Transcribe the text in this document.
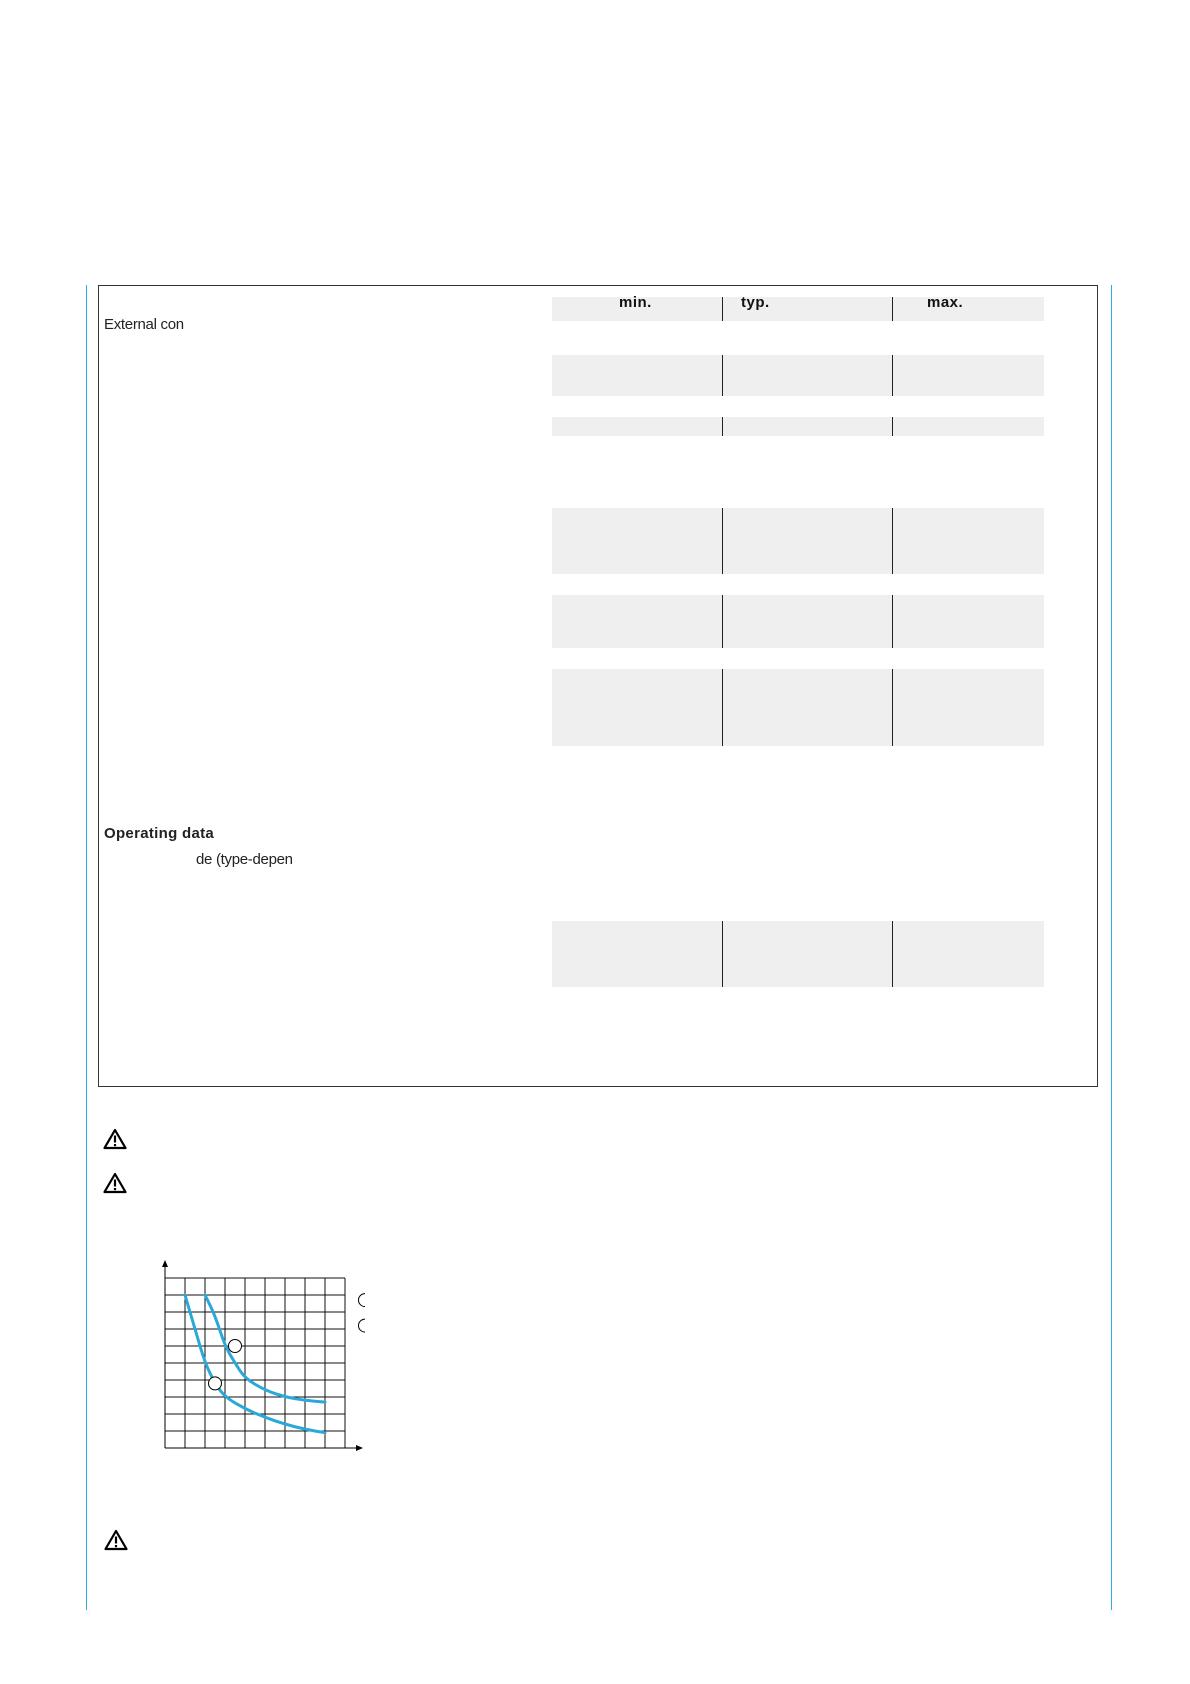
min.	typ.	max.
External con
Operating data
de (type-depen
